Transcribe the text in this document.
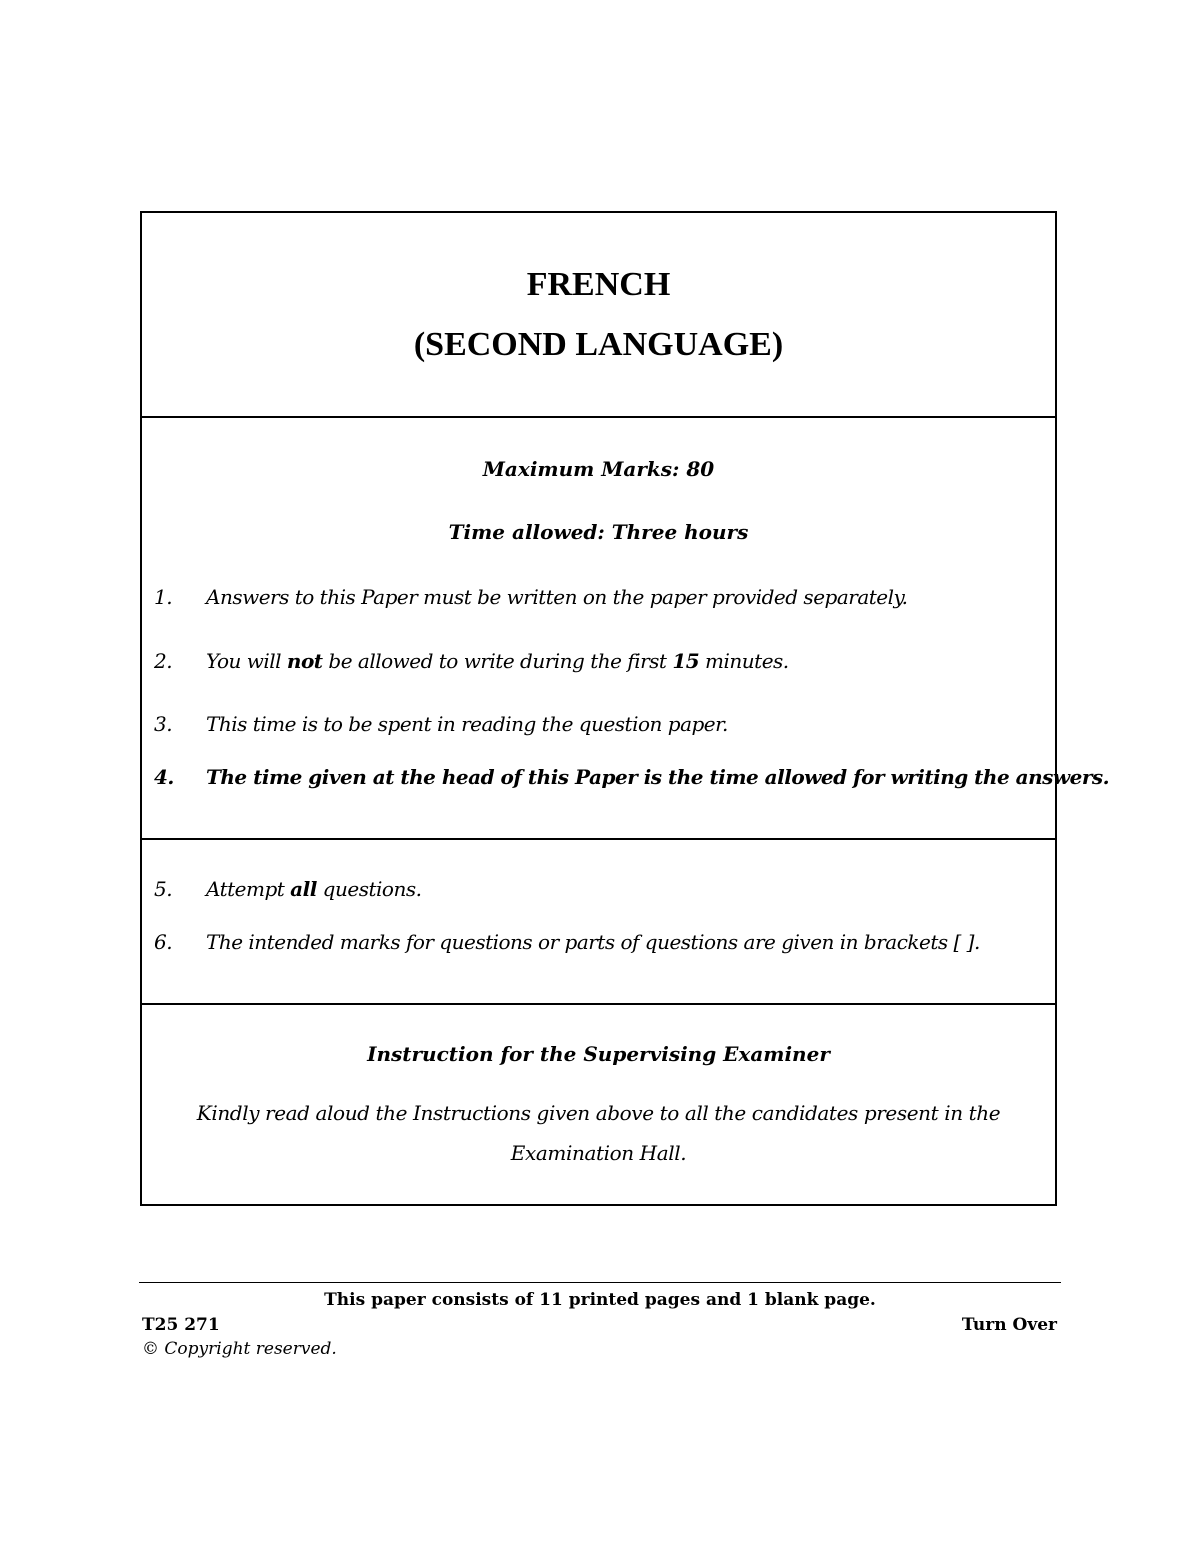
FRENCH
(SECOND LANGUAGE)
Maximum Marks: 80
Time allowed: Three hours
1. Answers to this Paper must be written on the paper provided separately.
2. You will not be allowed to write during the first 15 minutes.
3. This time is to be spent in reading the question paper.
4. The time given at the head of this Paper is the time allowed for writing the answers.
5. Attempt all questions.
6. The intended marks for questions or parts of questions are given in brackets [ ].
Instruction for the Supervising Examiner
Kindly read aloud the Instructions given above to all the candidates present in the
Examination Hall.
This paper consists of 11 printed pages and 1 blank page.
T25 271	Turn Over
© Copyright reserved.
